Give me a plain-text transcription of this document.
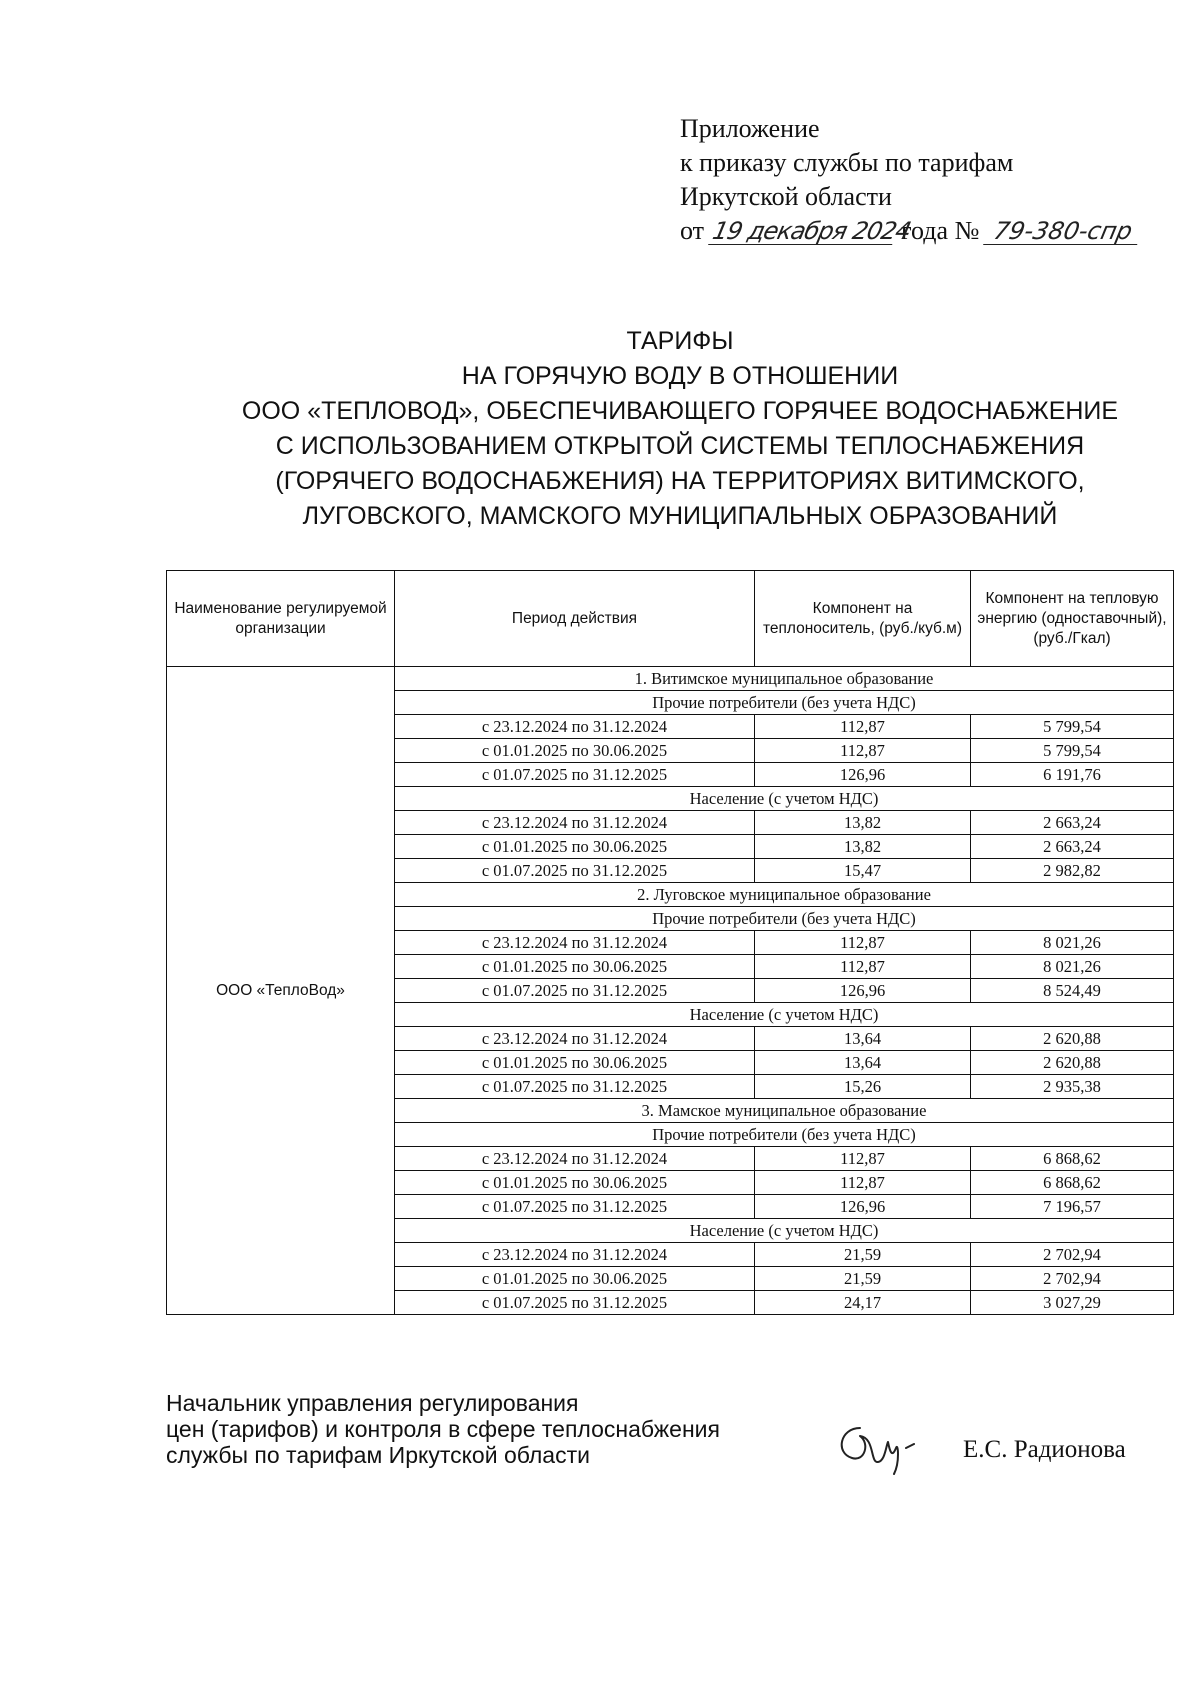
Приложение
к приказу службы по тарифам
Иркутской области
от 19 декабря 2024 года № 79-380-спр
ТАРИФЫ
НА ГОРЯЧУЮ ВОДУ В ОТНОШЕНИИ
ООО «ТЕПЛОВОД», ОБЕСПЕЧИВАЮЩЕГО ГОРЯЧЕЕ ВОДОСНАБЖЕНИЕ
С ИСПОЛЬЗОВАНИЕМ ОТКРЫТОЙ СИСТЕМЫ ТЕПЛОСНАБЖЕНИЯ
(ГОРЯЧЕГО ВОДОСНАБЖЕНИЯ) НА ТЕРРИТОРИЯХ ВИТИМСКОГО,
ЛУГОВСКОГО, МАМСКОГО МУНИЦИПАЛЬНЫХ ОБРАЗОВАНИЙ
Наименование регулируемой организации	Период действия	Компонент на теплоноситель, (руб./куб.м)	Компонент на тепловую энергию (одноставочный), (руб./Гкал)
ООО «ТеплоВод»	1. Витимское муниципальное образование		
	Прочие потребители (без учета НДС)		
	с 23.12.2024 по 31.12.2024	112,87	5 799,54
	с 01.01.2025 по 30.06.2025	112,87	5 799,54
	с 01.07.2025 по 31.12.2025	126,96	6 191,76
	Население (с учетом НДС)		
	с 23.12.2024 по 31.12.2024	13,82	2 663,24
	с 01.01.2025 по 30.06.2025	13,82	2 663,24
	с 01.07.2025 по 31.12.2025	15,47	2 982,82
	2. Луговское муниципальное образование		
	Прочие потребители (без учета НДС)		
	с 23.12.2024 по 31.12.2024	112,87	8 021,26
	с 01.01.2025 по 30.06.2025	112,87	8 021,26
	с 01.07.2025 по 31.12.2025	126,96	8 524,49
	Население (с учетом НДС)		
	с 23.12.2024 по 31.12.2024	13,64	2 620,88
	с 01.01.2025 по 30.06.2025	13,64	2 620,88
	с 01.07.2025 по 31.12.2025	15,26	2 935,38
	3. Мамское муниципальное образование		
	Прочие потребители (без учета НДС)		
	с 23.12.2024 по 31.12.2024	112,87	6 868,62
	с 01.01.2025 по 30.06.2025	112,87	6 868,62
	с 01.07.2025 по 31.12.2025	126,96	7 196,57
	Население (с учетом НДС)		
	с 23.12.2024 по 31.12.2024	21,59	2 702,94
	с 01.01.2025 по 30.06.2025	21,59	2 702,94
	с 01.07.2025 по 31.12.2025	24,17	3 027,29
Начальник управления регулирования
цен (тарифов) и контроля в сфере теплоснабжения
службы по тарифам Иркутской области	Е.С. Радионова
